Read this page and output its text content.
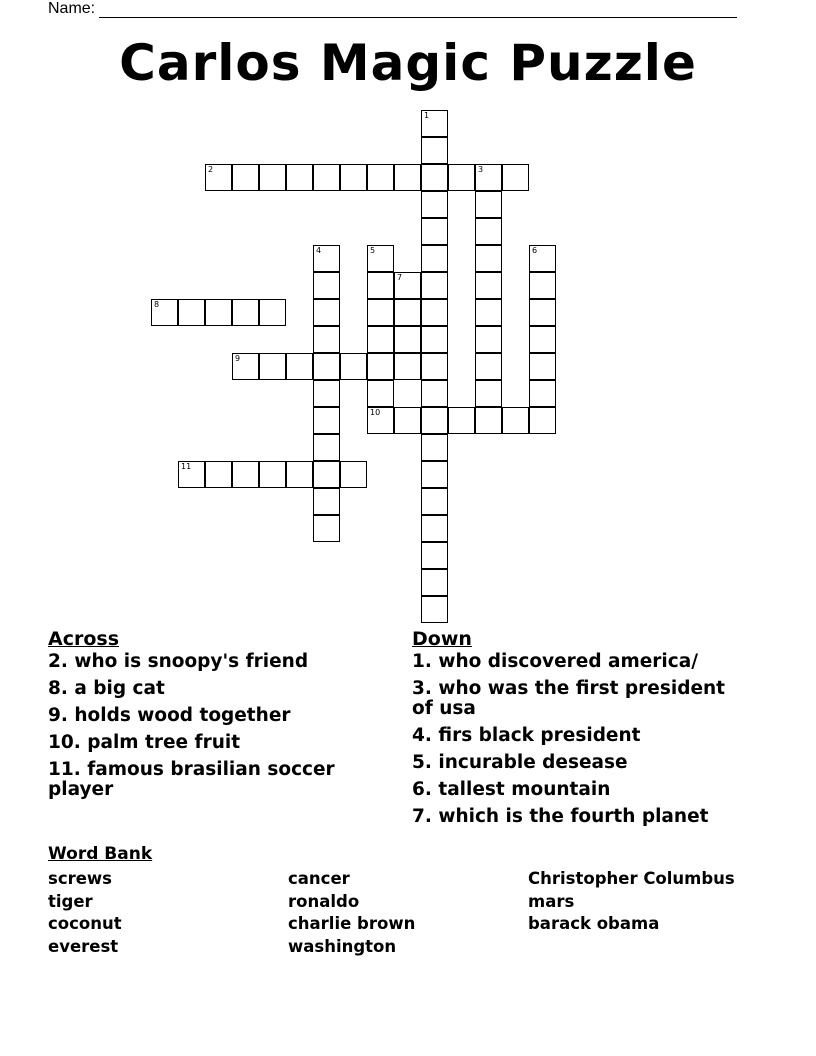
Name:
Carlos Magic Puzzle
1
2	3
4	5	6
7
8
9
10
11
Across
2. who is snoopy's friend
8. a big cat
9. holds wood together
10. palm tree fruit
11. famous brasilian soccer player
Down
1. who discovered america/
3. who was the first president of usa
4. firs black president
5. incurable desease
6. tallest mountain
7. which is the fourth planet
Word Bank
screws
tiger
coconut
everest
cancer
ronaldo
charlie brown
washington
Christopher Columbus
mars
barack obama
